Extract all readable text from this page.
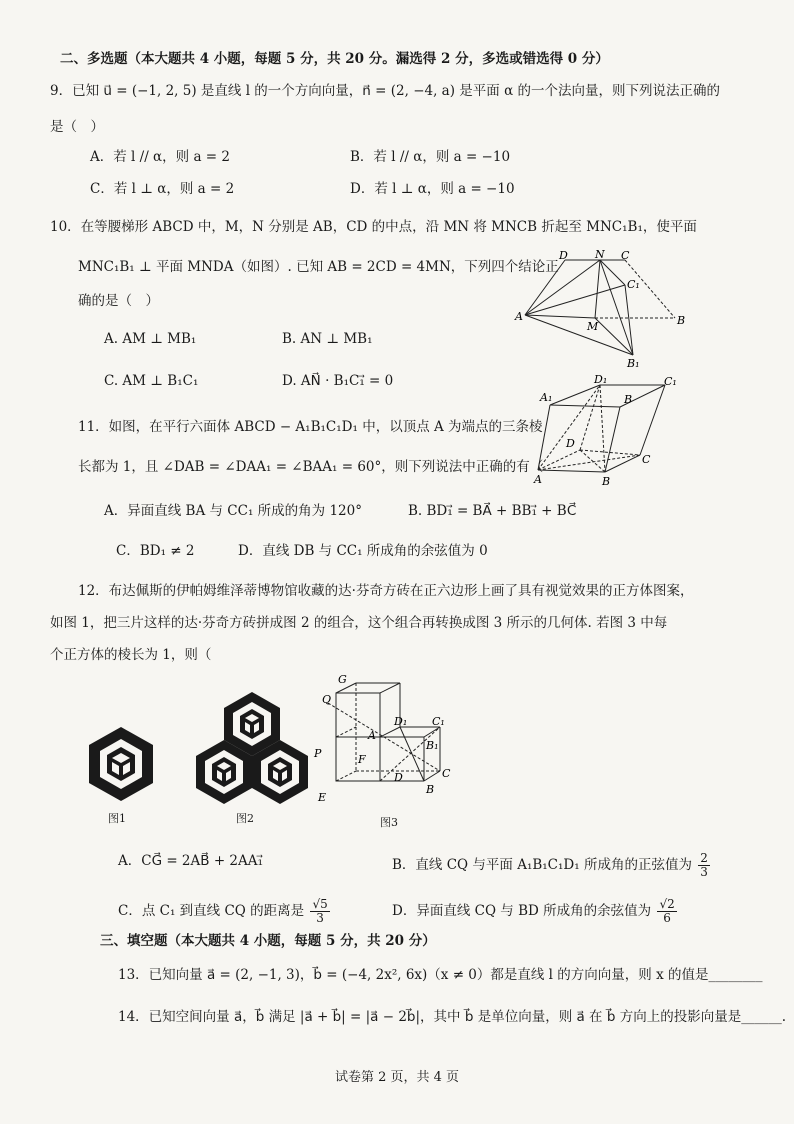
二、多选题（本大题共 4 小题，每题 5 分，共 20 分。漏选得 2 分，多选或错选得 0 分）
9．已知 u⃗ = (−1, 2, 5) 是直线 l 的一个方向向量，n⃗ = (2, −4, a) 是平面 α 的一个法向量，则下列说法正确的
是（　）
A．若 l // α，则 a = 2	B．若 l // α，则 a = −10
C．若 l ⊥ α，则 a = 2	D．若 l ⊥ α，则 a = −10
10．在等腰梯形 ABCD 中，M，N 分别是 AB，CD 的中点，沿 MN 将 MNCB 折起至 MNC₁B₁，使平面
MNC₁B₁ ⊥ 平面 MNDA（如图）. 已知 AB = 2CD = 4MN，下列四个结论正
确的是（　）
A. AM ⊥ MB₁	B. AN ⊥ MB₁
C. AM ⊥ B₁C₁	D. AN⃗ · B₁C₁⃗ = 0
D N C
A
M	B
B₁
C₁
11．如图，在平行六面体 ABCD − A₁B₁C₁D₁ 中，以顶点 A 为端点的三条棱
长都为 1，且 ∠DAB = ∠DAA₁ = ∠BAA₁ = 60°，则下列说法中正确的有（
A．异面直线 BA 与 CC₁ 所成的角为 120°	B. BD₁⃗ = BA⃗ + BB₁⃗ + BC⃗
C．BD₁ ≠ 2	D．直线 DB 与 CC₁ 所成角的余弦值为 0
A₁
D₁	C₁
B
D
A	B
C
12．布达佩斯的伊帕姆维泽蒂博物馆收藏的达·芬奇方砖在正六边形上画了具有视觉效果的正方体图案，
如图 1，把三片这样的达·芬奇方砖拼成图 2 的组合，这个组合再转换成图 3 所示的几何体. 若图 3 中每
个正方体的棱长为 1，则（
图1	图2
G
Q
D₁ C₁
A
B₁
P	F
D	C
E
B
图3
A．CG⃗ = 2AB⃗ + 2AA₁⃗	B．直线 CQ 与平面 A₁B₁C₁D₁ 所成角的正弦值为 $\frac{2}{3}$
C．点 C₁ 到直线 CQ 的距离是 $\frac{√5}{3}$	D．异面直线 CQ 与 BD 所成角的余弦值为 $\frac{√2}{6}$
三、填空题（本大题共 4 小题，每题 5 分，共 20 分）
13．已知向量 a⃗ = (2, −1, 3)，b⃗ = (−4, 2x², 6x)（x ≠ 0）都是直线 l 的方向向量，则 x 的值是________
14．已知空间向量 a⃗，b⃗ 满足 |a⃗ + b⃗| = |a⃗ − 2b⃗|，其中 b⃗ 是单位向量，则 a⃗ 在 b⃗ 方向上的投影向量是______.
试卷第 2 页，共 4 页
